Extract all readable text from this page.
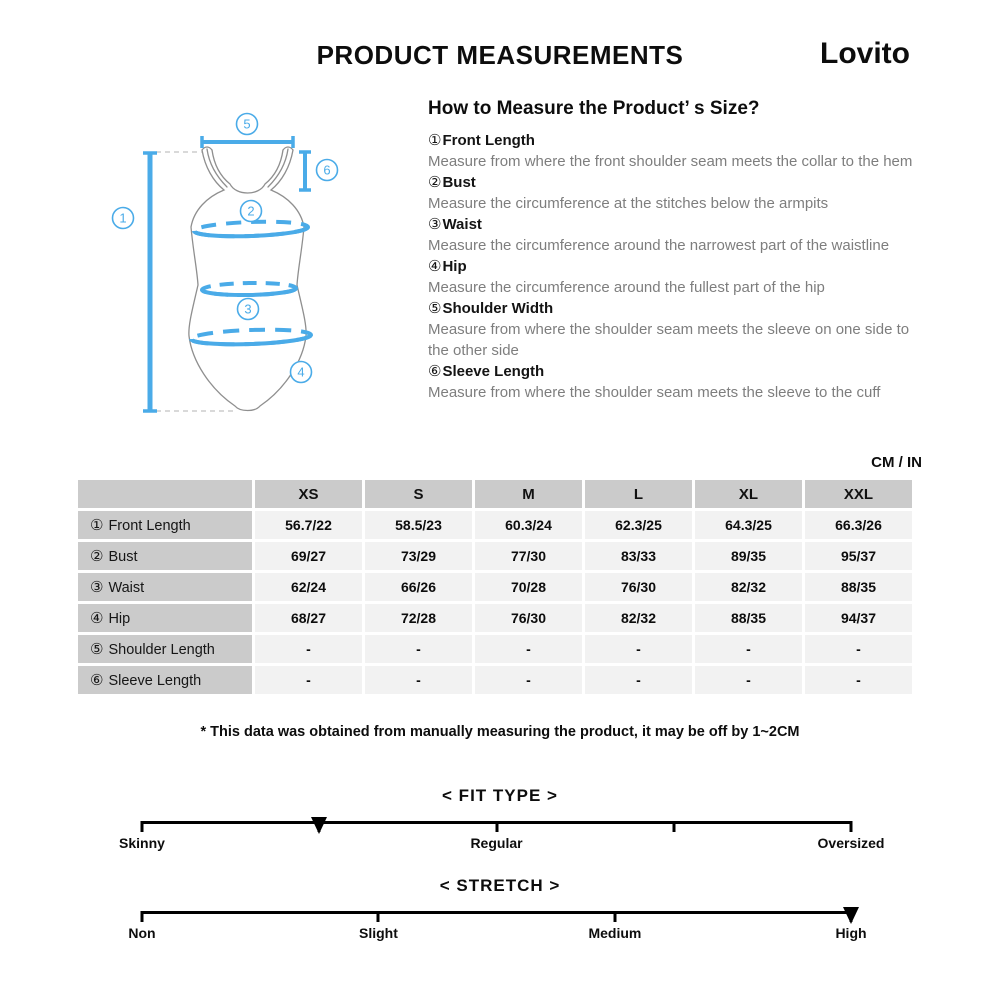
PRODUCT MEASUREMENTS	Lovito
5
6
1	2
3
4
How to Measure the Product’ s Size?
①Front Length
Measure from where the front shoulder seam meets the collar to the hem
②Bust
Measure the circumference at the stitches below the armpits
③Waist
Measure the circumference around the narrowest part of the waistline
④Hip
Measure the circumference around the fullest part of the hip
⑤Shoulder Width
Measure from where the shoulder seam meets the sleeve on one side to the other side
⑥Sleeve Length
Measure from where the shoulder seam meets the sleeve to the cuff
CM / IN
	XS	S	M	L	XL	XXL
① Front Length	56.7/22	58.5/23	60.3/24	62.3/25	64.3/25	66.3/26
② Bust	69/27	73/29	77/30	83/33	89/35	95/37
③ Waist	62/24	66/26	70/28	76/30	82/32	88/35
④ Hip	68/27	72/28	76/30	82/32	88/35	94/37
⑤ Shoulder Length	-	-	-	-	-	-
⑥ Sleeve Length	-	-	-	-	-	-
* This data was obtained from manually measuring the product, it may be off by 1~2CM
< FIT TYPE >
Skinny	Regular	Oversized
< STRETCH >
Non	Slight	Medium	High
